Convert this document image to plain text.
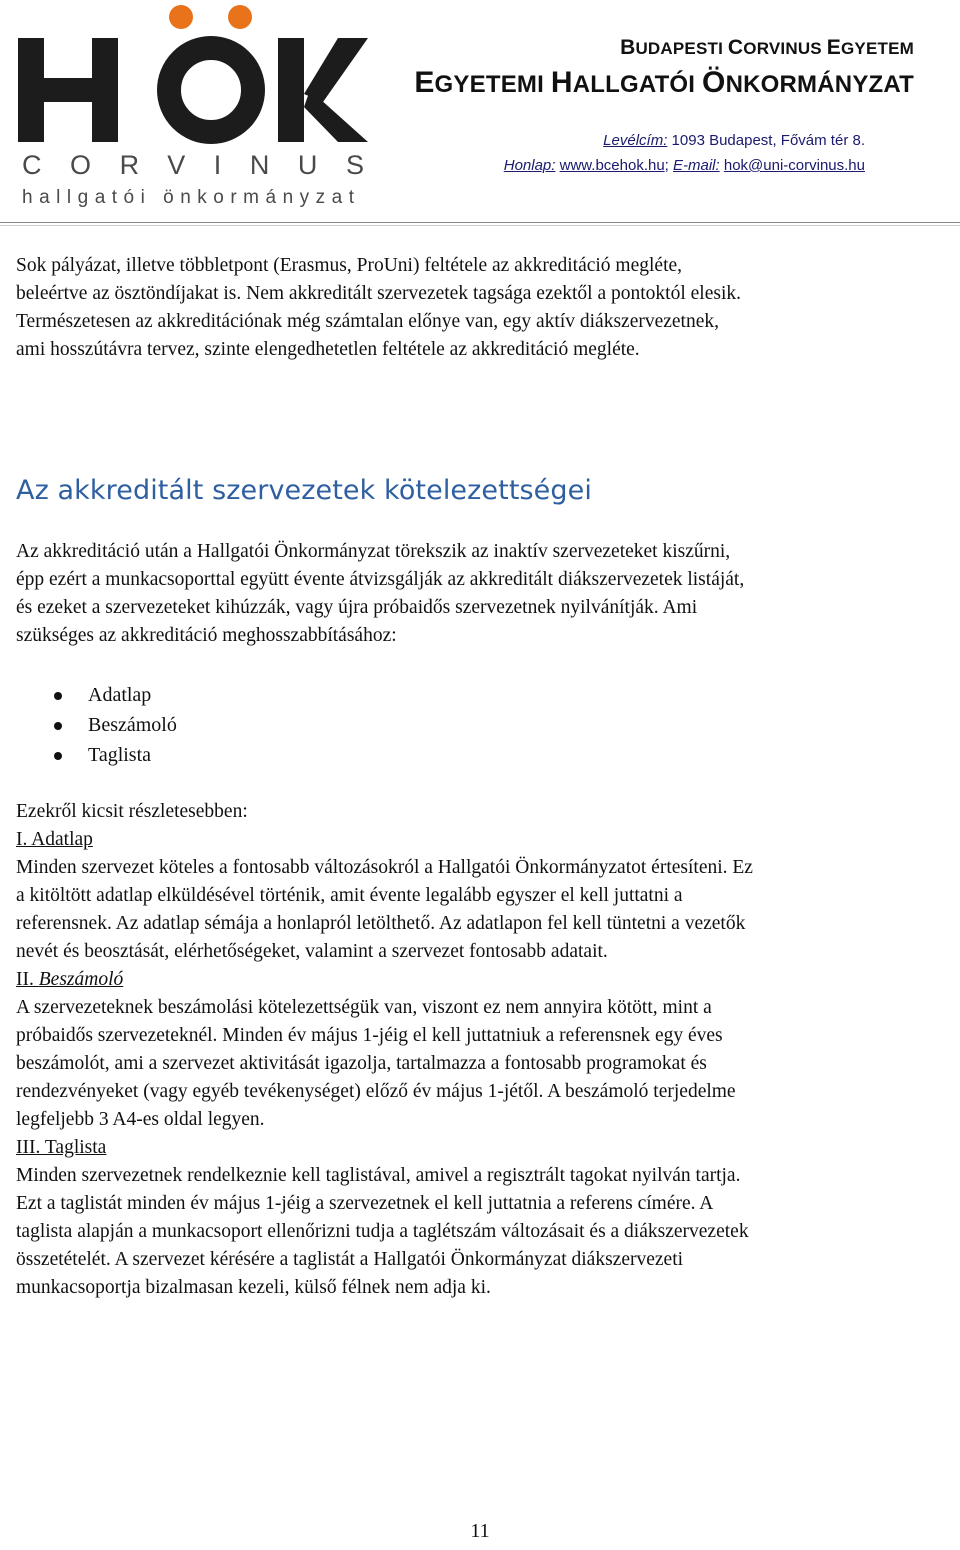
CORVINUS
hallgatói önkormányzat
BUDAPESTI CORVINUS EGYETEM
EGYETEMI HALLGATÓI ÖNKORMÁNYZAT
Levélcím: 1093 Budapest, Fővám tér 8.
Honlap: www.bcehok.hu; E-mail: hok@uni-corvinus.hu

Sok pályázat, illetve többletpont (Erasmus, ProUni) feltétele az akkreditáció megléte,
beleértve az ösztöndíjakat is. Nem akkreditált szervezetek tagsága ezektől a pontoktól elesik.
Természetesen az akkreditációnak még számtalan előnye van, egy aktív diákszervezetnek,
ami hosszútávra tervez, szinte elengedhetetlen feltétele az akkreditáció megléte.

Az akkreditált szervezetek kötelezettségei
Az akkreditáció után a Hallgatói Önkormányzat törekszik az inaktív szervezeteket kiszűrni,
épp ezért a munkacsoporttal együtt évente átvizsgálják az akkreditált diákszervezetek listáját,
és ezeket a szervezeteket kihúzzák, vagy újra próbaidős szervezetnek nyilvánítják. Ami
szükséges az akkreditáció meghosszabbításához:
Adatlap
Beszámoló
Taglista
Ezekről kicsit részletesebben:
I. Adatlap
Minden szervezet köteles a fontosabb változásokról a Hallgatói Önkormányzatot értesíteni. Ez
a kitöltött adatlap elküldésével történik, amit évente legalább egyszer el kell juttatni a
referensnek. Az adatlap sémája a honlapról letölthető. Az adatlapon fel kell tüntetni a vezetők
nevét és beosztását, elérhetőségeket, valamint a szervezet fontosabb adatait.
II. Beszámoló
A szervezeteknek beszámolási kötelezettségük van, viszont ez nem annyira kötött, mint a
próbaidős szervezeteknél. Minden év május 1-jéig el kell juttatniuk a referensnek egy éves
beszámolót, ami a szervezet aktivitását igazolja, tartalmazza a fontosabb programokat és
rendezvényeket (vagy egyéb tevékenységet) előző év május 1-jétől. A beszámoló terjedelme
legfeljebb 3 A4-es oldal legyen.
III. Taglista
Minden szervezetnek rendelkeznie kell taglistával, amivel a regisztrált tagokat nyilván tartja.
Ezt a taglistát minden év május 1-jéig a szervezetnek el kell juttatnia a referens címére. A
taglista alapján a munkacsoport ellenőrizni tudja a taglétszám változásait és a diákszervezetek
összetételét. A szervezet kérésére a taglistát a Hallgatói Önkormányzat diákszervezeti
munkacsoportja bizalmasan kezeli, külső félnek nem adja ki.
11
